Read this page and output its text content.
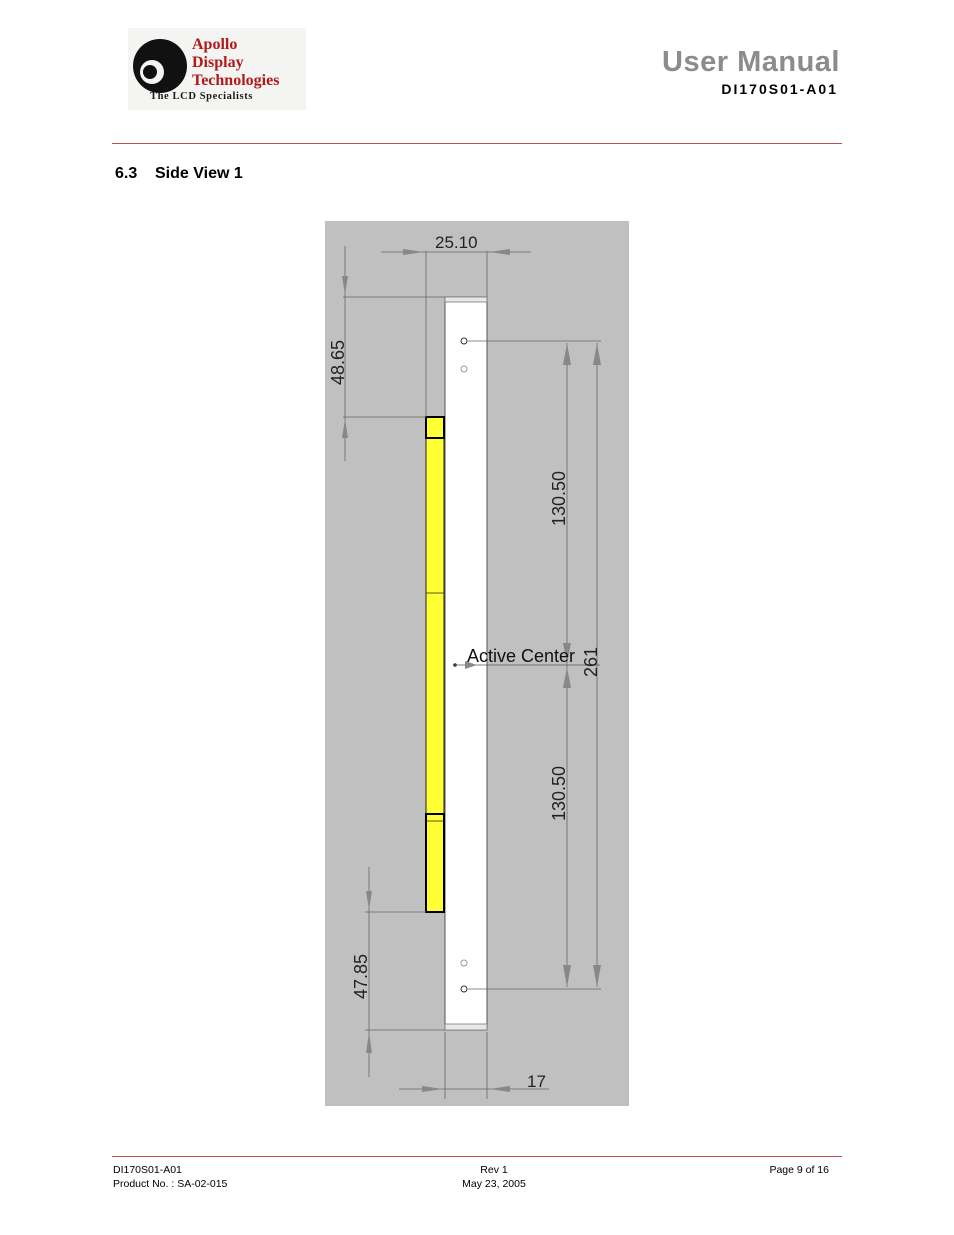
Apollo
Display
Technologies
The LCD Specialists
User Manual
DI170S01-A01
6.3 Side View 1
25.10
48.65
130.50
130.50
261
Active Center
47.85
17
DI170S01-A01
Product No. : SA-02-015
Rev 1
May 23, 2005
Page 9 of 16
